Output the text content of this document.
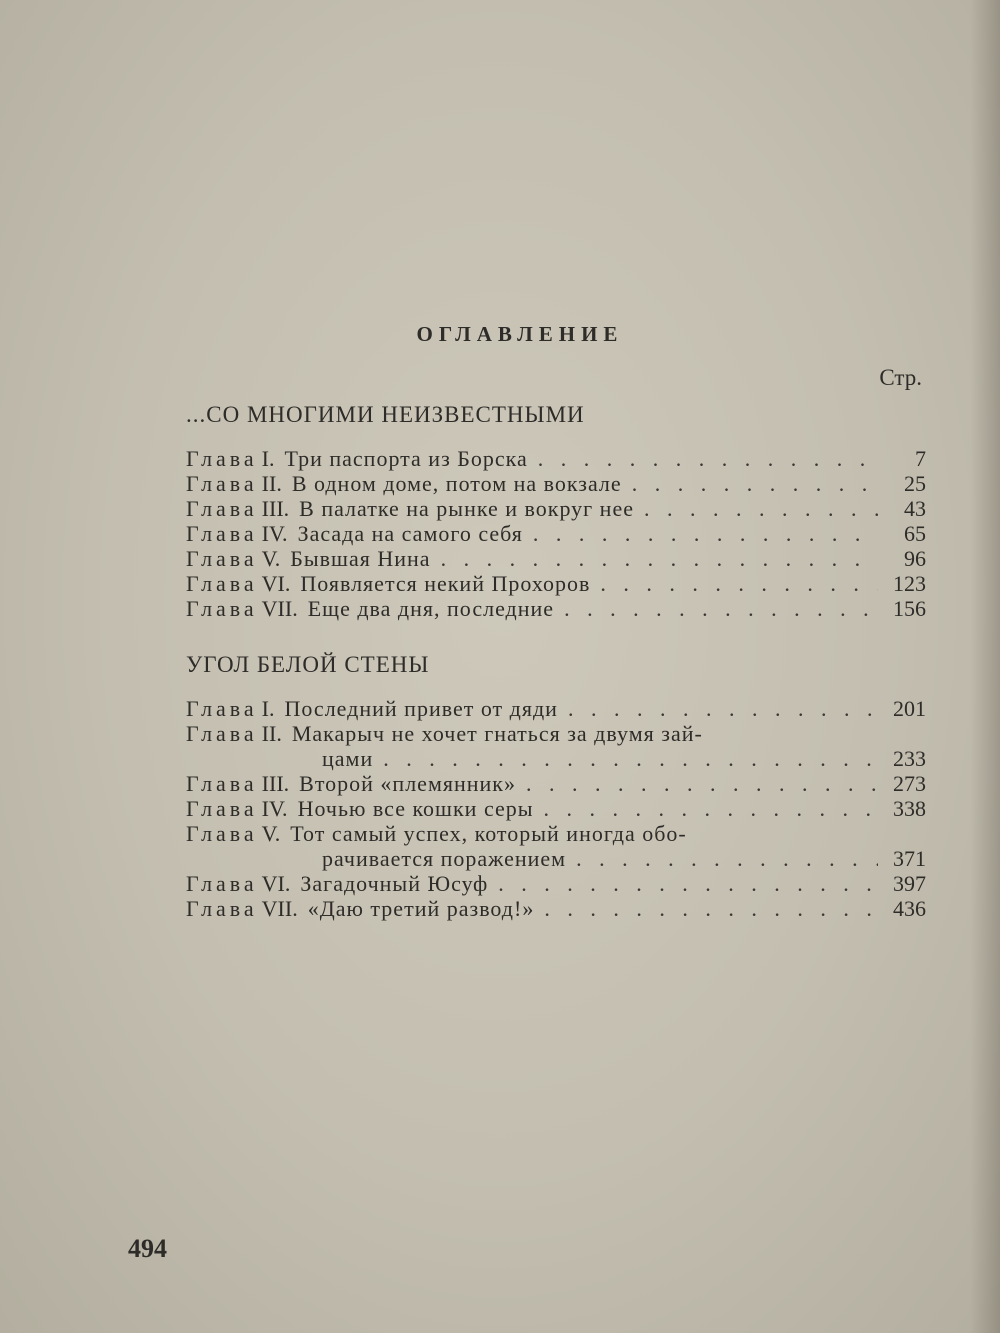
ОГЛАВЛЕНИЕ
Стр.
...СО МНОГИМИ НЕИЗВЕСТНЫМИ
Глава I. Три паспорта из Борска . . .	7
Глава II. В одном доме, потом на вокзале . . .	25
Глава III. В палатке на рынке и вокруг нее . . .	43
Глава IV. Засада на самого себя . . .	65
Глава V. Бывшая Нина . . .	96
Глава VI. Появляется некий Прохоров . . .	123
Глава VII. Еще два дня, последние . . .	156
УГОЛ БЕЛОЙ СТЕНЫ
Глава I. Последний привет от дяди . . .	201
Глава II. Макарыч не хочет гнаться за двумя зай-
цами . . .	233
Глава III. Второй «племянник» . . .	273
Глава IV. Ночью все кошки серы . . .	338
Глава V. Тот самый успех, который иногда обо-
рачивается поражением . . .	371
Глава VI. Загадочный Юсуф . . .	397
Глава VII. «Даю третий развод!» . . .	436
494
